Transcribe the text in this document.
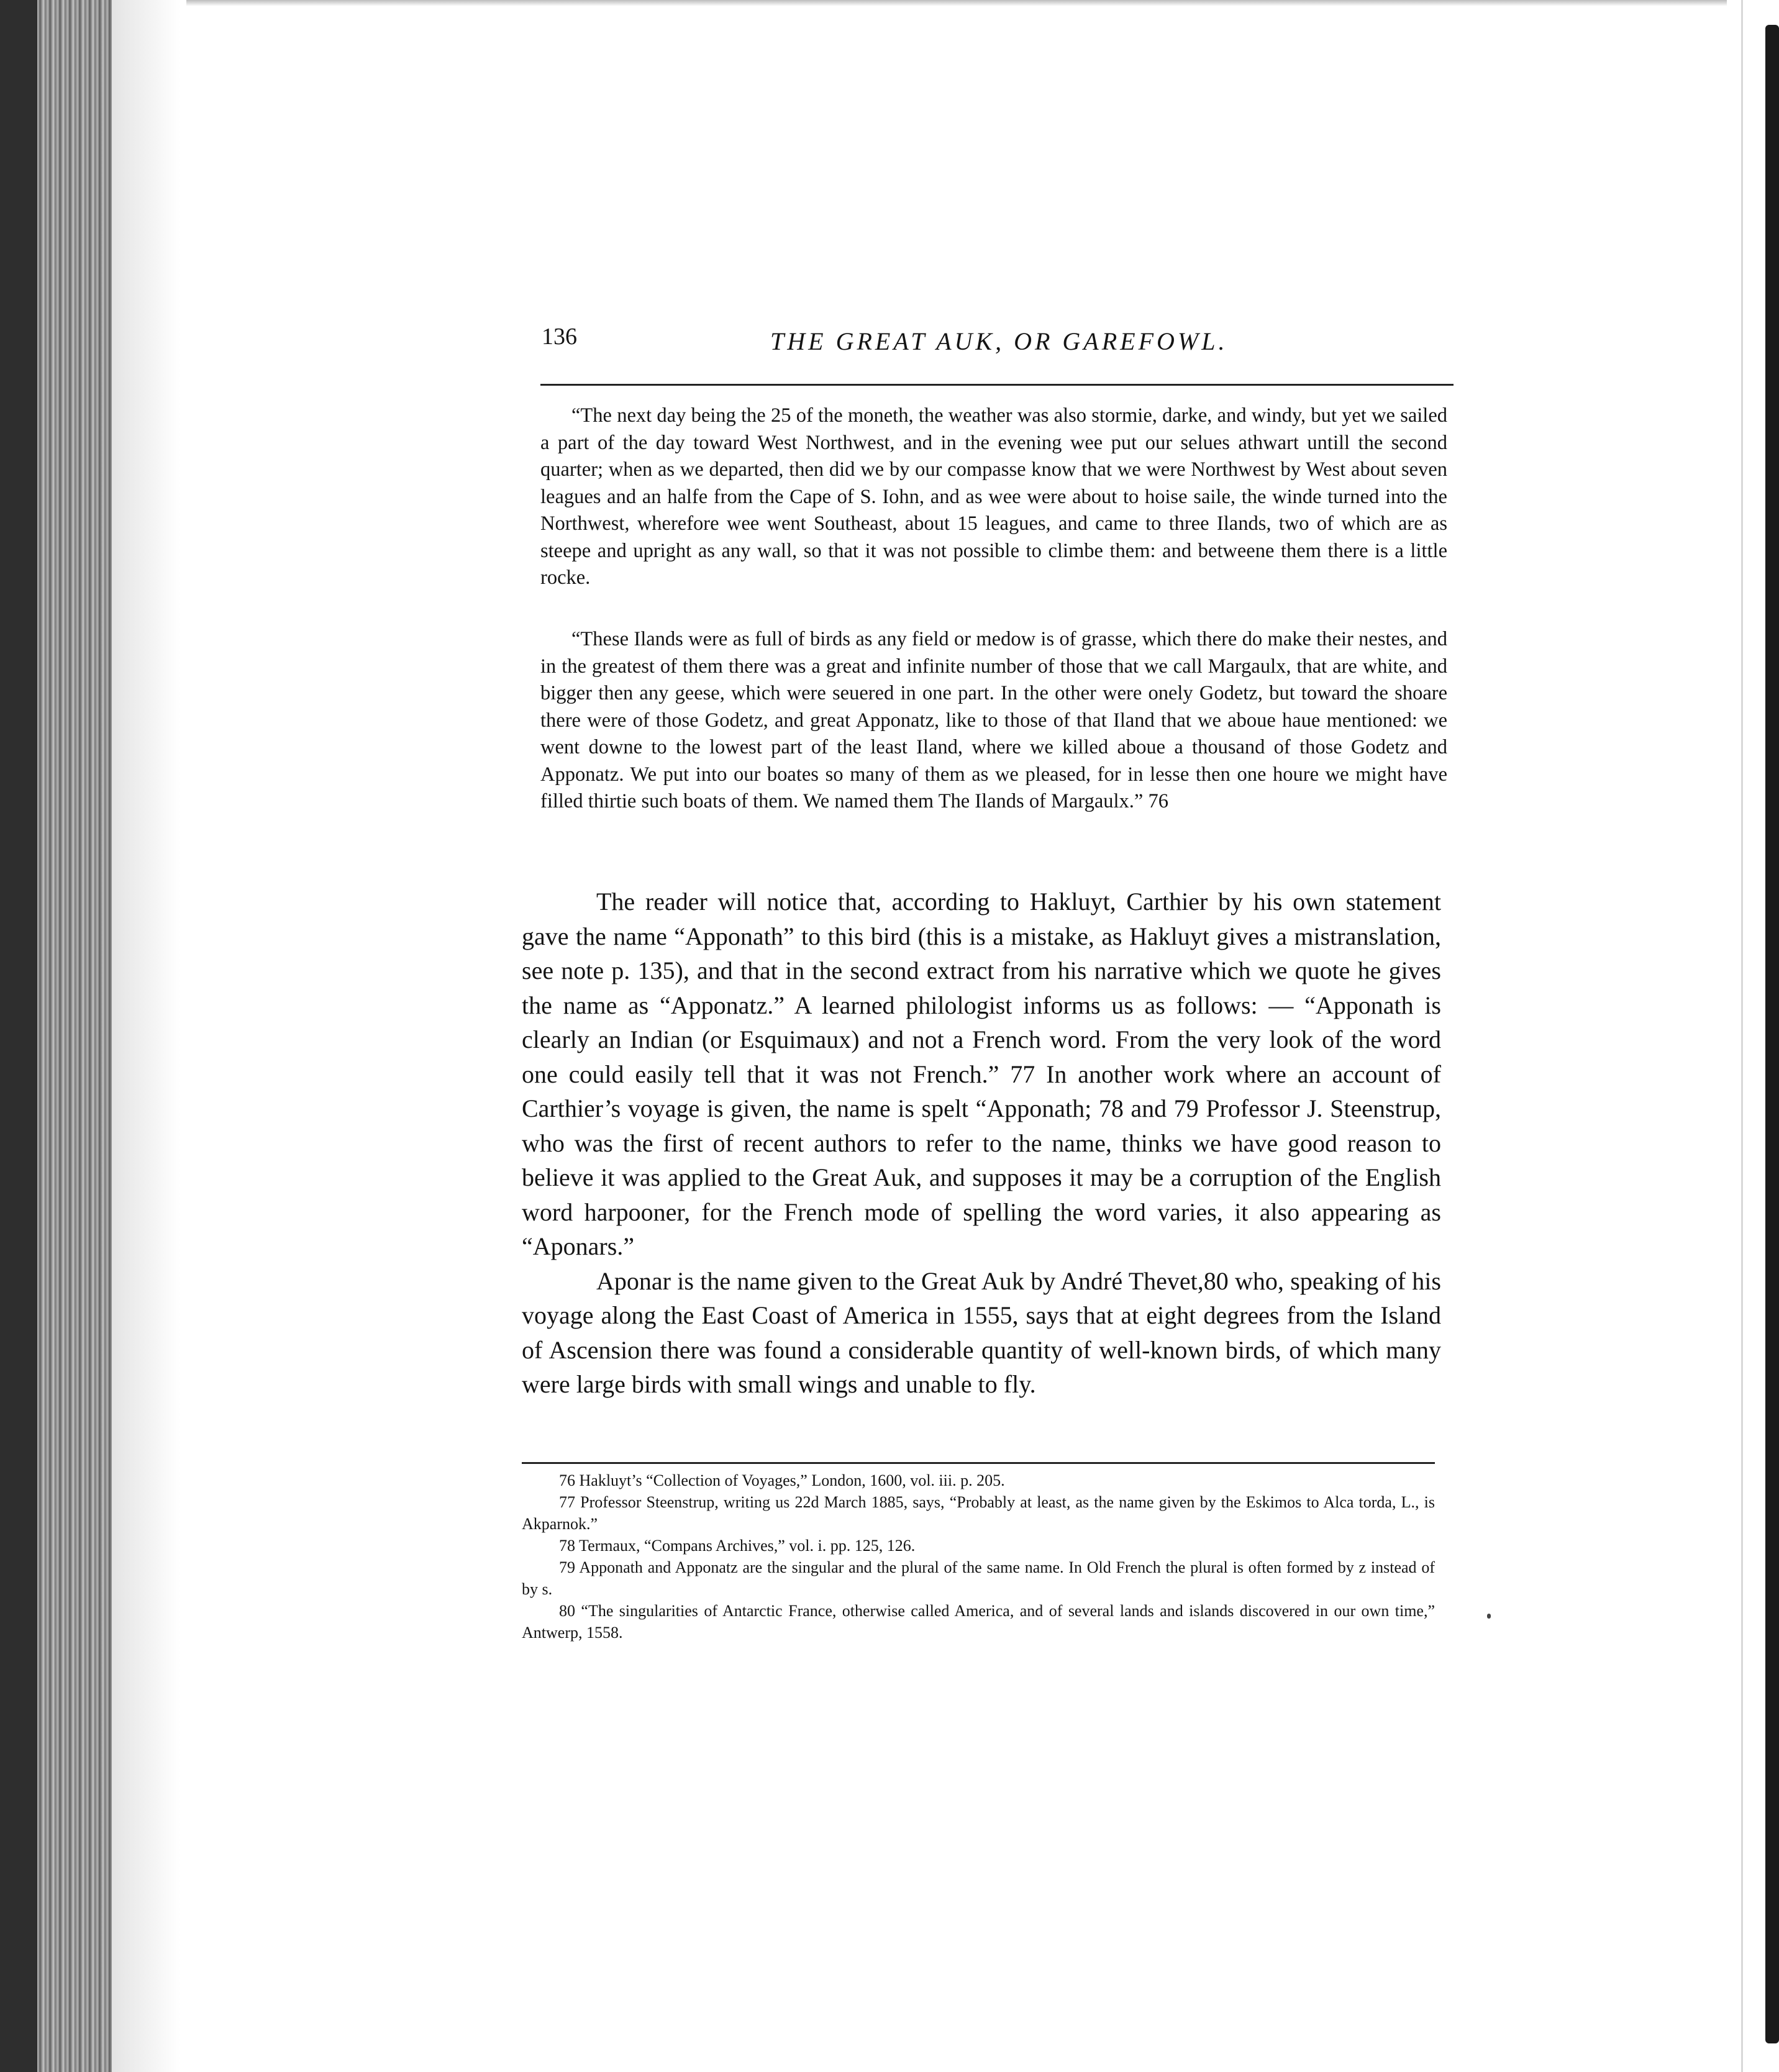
136	THE GREAT AUK, OR GAREFOWL.

“The next day being the 25 of the moneth, the weather was also stormie, darke, and windy, but yet we sailed a part of the day toward West Northwest, and in the evening wee put our selues athwart untill the second quarter; when as we departed, then did we by our compasse know that we were Northwest by West about seven leagues and an halfe from the Cape of S. Iohn, and as wee were about to hoise saile, the winde turned into the Northwest, wherefore wee went Southeast, about 15 leagues, and came to three Ilands, two of which are as steepe and upright as any wall, so that it was not possible to climbe them: and betweene them there is a little rocke.

“These Ilands were as full of birds as any field or medow is of grasse, which there do make their nestes, and in the greatest of them there was a great and infinite number of those that we call Margaulx, that are white, and bigger then any geese, which were seuered in one part. In the other were onely Godetz, but toward the shoare there were of those Godetz, and great Apponatz, like to those of that Iland that we aboue haue mentioned: we went downe to the lowest part of the least Iland, where we killed aboue a thousand of those Godetz and Apponatz. We put into our boates so many of them as we pleased, for in lesse then one houre we might have filled thirtie such boats of them. We named them The Ilands of Margaulx.” 76

The reader will notice that, according to Hakluyt, Carthier by his own statement gave the name “Apponath” to this bird (this is a mistake, as Hakluyt gives a mistranslation, see note p. 135), and that in the second extract from his narrative which we quote he gives the name as “Apponatz.” A learned philologist informs us as follows: — “Apponath is clearly an Indian (or Esquimaux) and not a French word. From the very look of the word one could easily tell that it was not French.” 77 In another work where an account of Carthier’s voyage is given, the name is spelt “Apponath; 78 and 79 Professor J. Steenstrup, who was the first of recent authors to refer to the name, thinks we have good reason to believe it was applied to the Great Auk, and supposes it may be a corruption of the English word harpooner, for the French mode of spelling the word varies, it also appearing as “Aponars.”

Aponar is the name given to the Great Auk by André Thevet,80 who, speaking of his voyage along the East Coast of America in 1555, says that at eight degrees from the Island of Ascension there was found a considerable quantity of well-known birds, of which many were large birds with small wings and unable to fly.

76 Hakluyt’s “Collection of Voyages,” London, 1600, vol. iii. p. 205.

77 Professor Steenstrup, writing us 22d March 1885, says, “Probably at least, as the name given by the Eskimos to Alca torda, L., is Akparnok.”

78 Termaux, “Compans Archives,” vol. i. pp. 125, 126.

79 Apponath and Apponatz are the singular and the plural of the same name. In Old French the plural is often formed by z instead of by s.

80 “The singularities of Antarctic France, otherwise called America, and of several lands and islands discovered in our own time,” Antwerp, 1558.
